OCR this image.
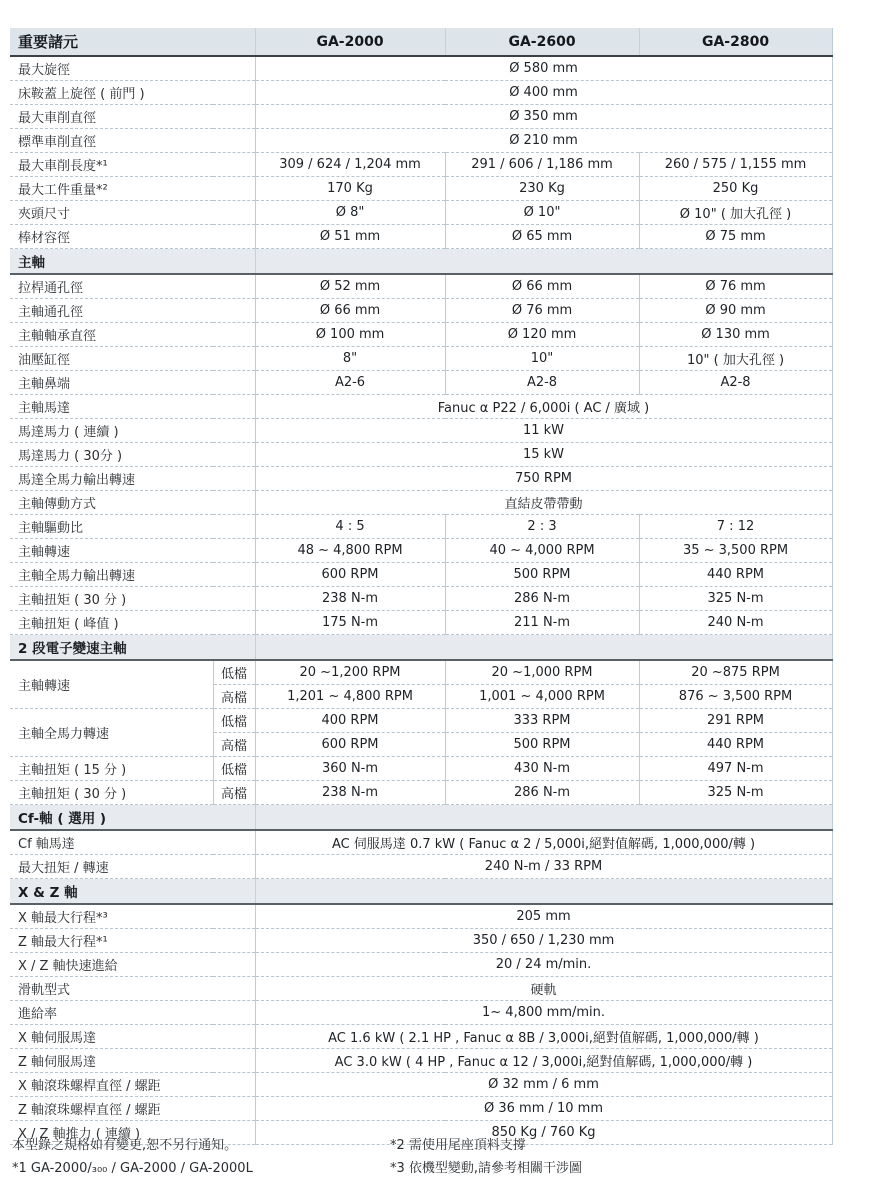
重要諸元		GA-2000	GA-2600	GA-2800
最大旋徑		Ø 580 mm		
床鞍蓋上旋徑 ( 前門 )		Ø 400 mm		
最大車削直徑		Ø 350 mm		
標準車削直徑		Ø 210 mm		
最大車削長度*¹		309 / 624 / 1,204 mm	291 / 606 / 1,186 mm	260 / 575 / 1,155 mm
最大工件重量*²		170 Kg	230 Kg	250 Kg
夾頭尺寸		Ø 8"	Ø 10"	Ø 10" ( 加大孔徑 )
棒材容徑		Ø 51 mm	Ø 65 mm	Ø 75 mm
主軸				
拉桿通孔徑		Ø 52 mm	Ø 66 mm	Ø 76 mm
主軸通孔徑		Ø 66 mm	Ø 76 mm	Ø 90 mm
主軸軸承直徑		Ø 100 mm	Ø 120 mm	Ø 130 mm
油壓缸徑		8"	10"	10" ( 加大孔徑 )
主軸鼻端		A2-6	A2-8	A2-8
主軸馬達		Fanuc α P22 / 6,000i ( AC / 廣域 )		
馬達馬力 ( 連續 )		11 kW		
馬達馬力 ( 30分 )		15 kW		
馬達全馬力輸出轉速		750 RPM		
主軸傳動方式		直結皮帶帶動		
主軸驅動比		4 : 5	2 : 3	7 : 12
主軸轉速		48 ~ 4,800 RPM	40 ~ 4,000 RPM	35 ~ 3,500 RPM
主軸全馬力輸出轉速		600 RPM	500 RPM	440 RPM
主軸扭矩 ( 30 分 )		238 N-m	286 N-m	325 N-m
主軸扭矩 ( 峰值 )		175 N-m	211 N-m	240 N-m
2 段電子變速主軸				
主軸轉速	低檔	20 ~1,200 RPM	20 ~1,000 RPM	20 ~875 RPM
	高檔	1,201 ~ 4,800 RPM	1,001 ~ 4,000 RPM	876 ~ 3,500 RPM
主軸全馬力轉速	低檔	400 RPM	333 RPM	291 RPM
	高檔	600 RPM	500 RPM	440 RPM
主軸扭矩 ( 15 分 )	低檔	360 N-m	430 N-m	497 N-m
主軸扭矩 ( 30 分 )	高檔	238 N-m	286 N-m	325 N-m
Cf-軸 ( 選用 )				
Cf 軸馬達		AC 伺服馬達 0.7 kW ( Fanuc α 2 / 5,000i,絕對值解碼, 1,000,000/轉 )		
最大扭矩 / 轉速		240 N-m / 33 RPM		
X & Z 軸				
X 軸最大行程*³		205 mm		
Z 軸最大行程*¹		350 / 650 / 1,230 mm		
X / Z 軸快速進給		20 / 24 m/min.		
滑軌型式		硬軌		
進給率		1~ 4,800 mm/min.		
X 軸伺服馬達		AC 1.6 kW ( 2.1 HP , Fanuc α 8B / 3,000i,絕對值解碼, 1,000,000/轉 )		
Z 軸伺服馬達		AC 3.0 kW ( 4 HP , Fanuc α 12 / 3,000i,絕對值解碼, 1,000,000/轉 )		
X 軸滾珠螺桿直徑 / 螺距		Ø 32 mm / 6 mm		
Z 軸滾珠螺桿直徑 / 螺距		Ø 36 mm / 10 mm		
X / Z 軸推力 ( 連續 )		850 Kg / 760 Kg		
本型錄之規格如有變更,恕不另行通知。
*1 GA-2000/₃₀₀ / GA-2000 / GA-2000L
*2 需使用尾座頂料支撐
*3 依機型變動,請參考相關干涉圖
